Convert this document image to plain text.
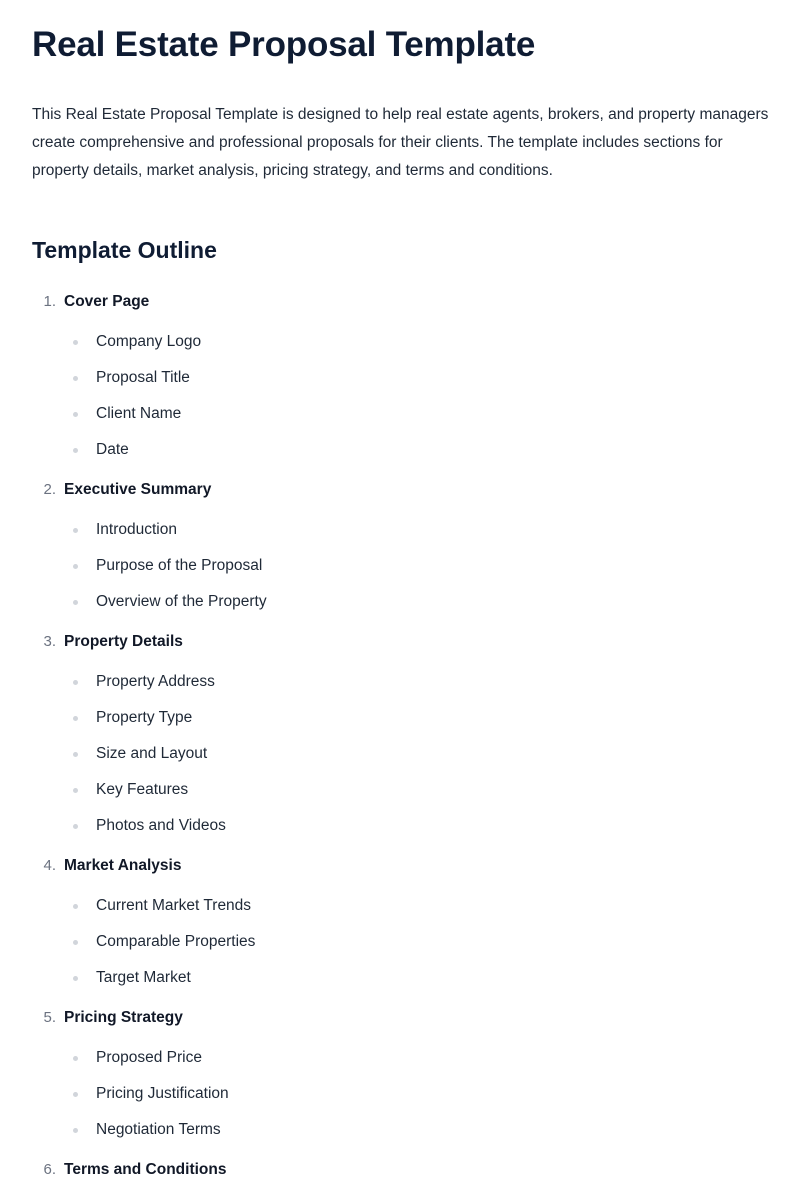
Real Estate Proposal Template

This Real Estate Proposal Template is designed to help real estate agents, brokers, and property managers create comprehensive and professional proposals for their clients. The template includes sections for property details, market analysis, pricing strategy, and terms and conditions.

Template Outline
1. Cover Page
Company Logo
Proposal Title
Client Name
Date
2. Executive Summary
Introduction
Purpose of the Proposal
Overview of the Property
3. Property Details
Property Address
Property Type
Size and Layout
Key Features
Photos and Videos
4. Market Analysis
Current Market Trends
Comparable Properties
Target Market
5. Pricing Strategy
Proposed Price
Pricing Justification
Negotiation Terms
6. Terms and Conditions
